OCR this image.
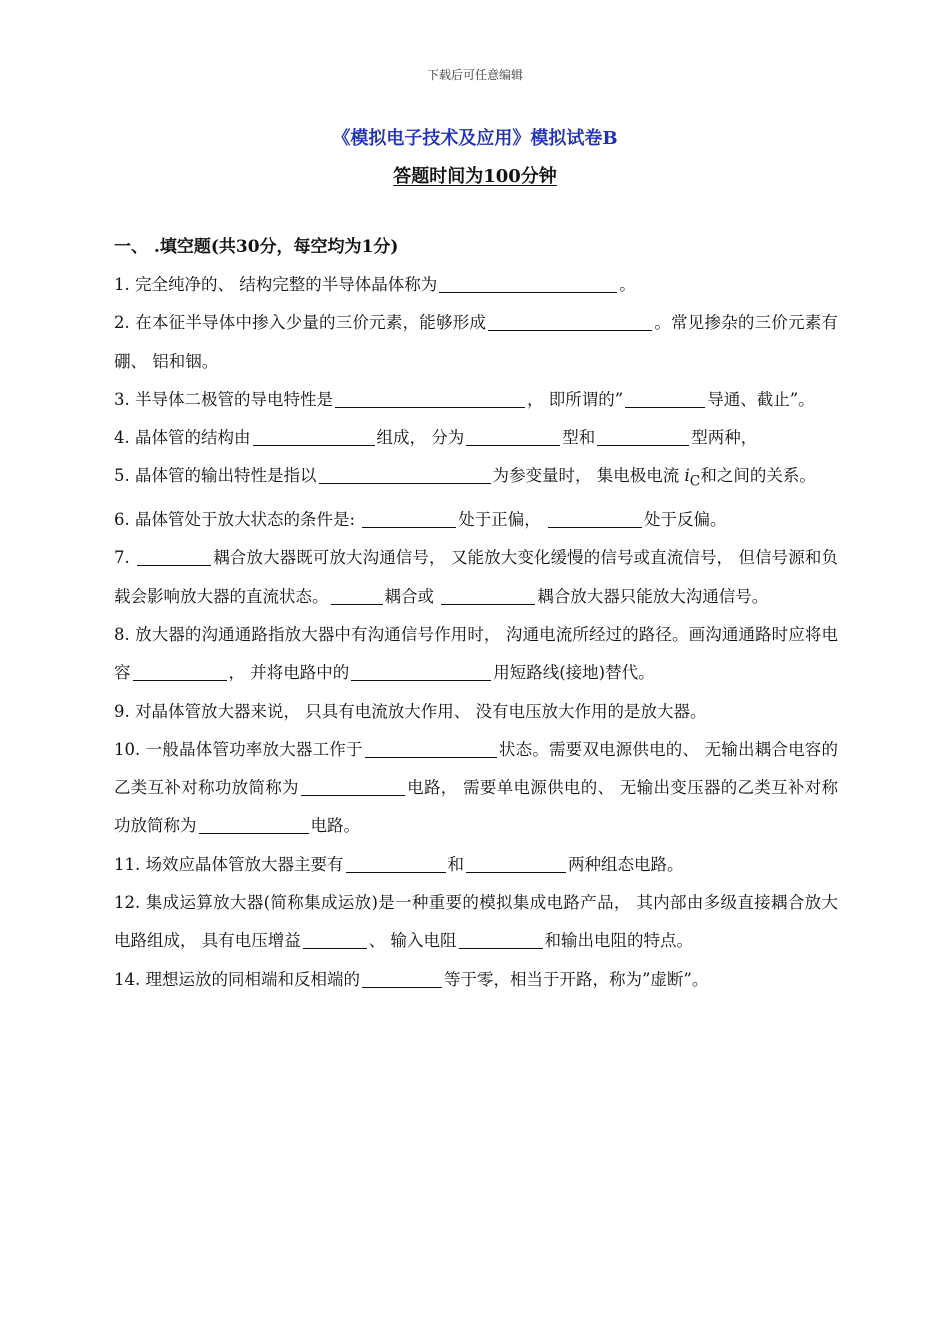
下载后可任意编辑
《模拟电子技术及应用》模拟试卷B
答题时间为100分钟
一、 .填空题(共30分，每空均为1分)

1. 完全纯净的、 结构完整的半导体晶体称为	。

2. 在本征半导体中掺入少量的三价元素，能够形成	。常见掺杂的三价元素有硼、 铝和铟。

3. 半导体二极管的导电特性是	， 即所谓的”	导通、截止”。

4. 晶体管的结构由	组成， 分为	型和	型两种，

5. 晶体管的输出特性是指以	为参变量时， 集电极电流 $i_C$和之间的关系。

6. 晶体管处于放大状态的条件是:	处于正偏，	处于反偏。

7.	耦合放大器既可放大沟通信号， 又能放大变化缓慢的信号或直流信号， 但信号源和负载会影响放大器的直流状态。	耦合或	耦合放大器只能放大沟通信号。

8. 放大器的沟通通路指放大器中有沟通信号作用时， 沟通电流所经过的路径。画沟通通路时应将电容	， 并将电路中的	用短路线(接地)替代。

9. 对晶体管放大器来说， 只具有电流放大作用、 没有电压放大作用的是放大器。

10. 一般晶体管功率放大器工作于	状态。需要双电源供电的、 无输出耦合电容的乙类互补对称功放简称为	电路， 需要单电源供电的、 无输出变压器的乙类互补对称功放简称为	电路。

11. 场效应晶体管放大器主要有	和	两种组态电路。

12. 集成运算放大器(简称集成运放)是一种重要的模拟集成电路产品， 其内部由多级直接耦合放大电路组成， 具有电压增益	、 输入电阻	和输出电阻的特点。

14. 理想运放的同相端和反相端的	等于零，相当于开路，称为”虚断”。
